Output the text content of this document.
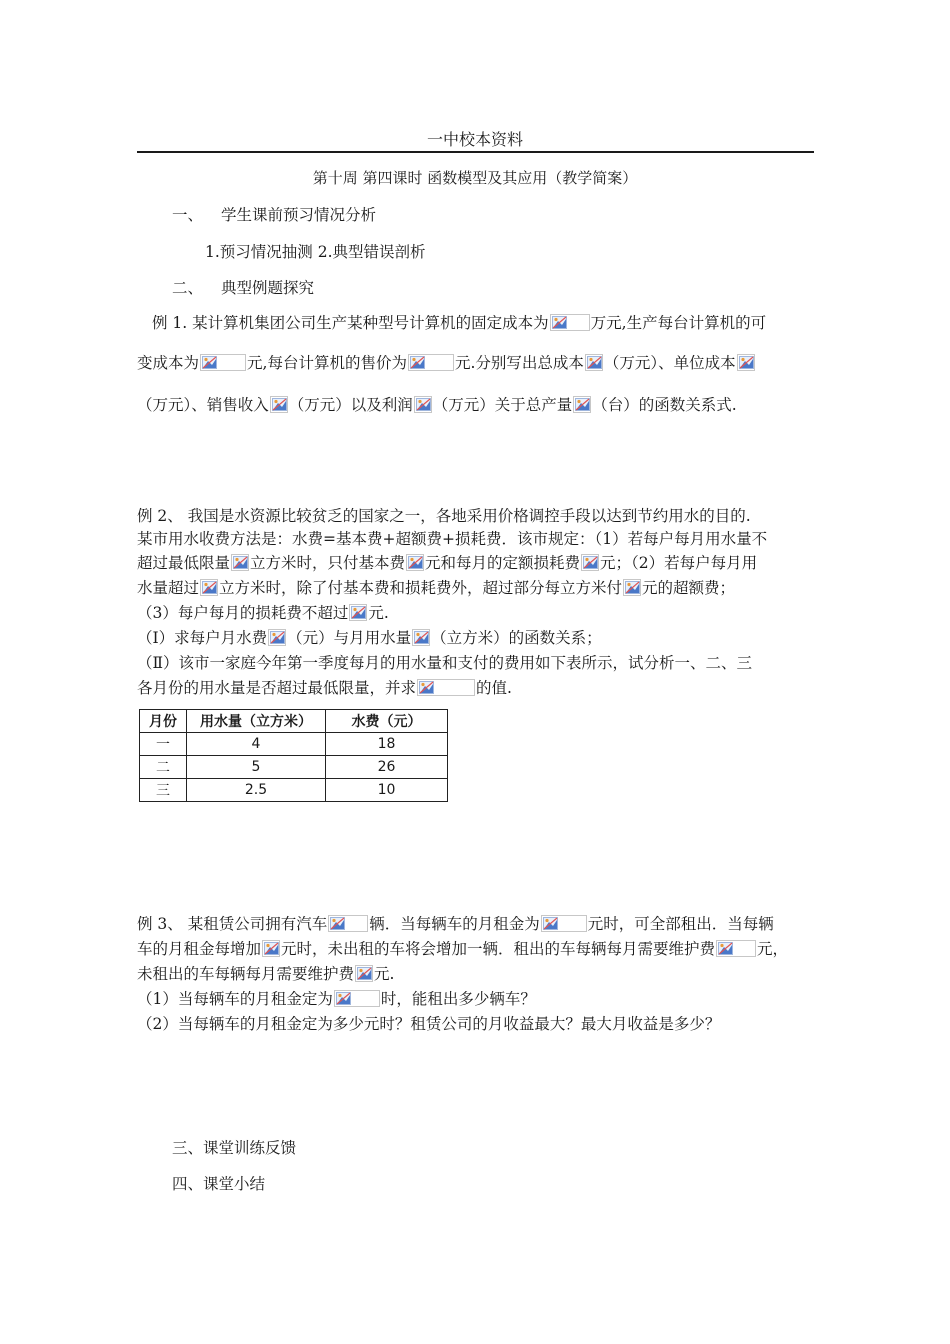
一中校本资料
第十周 第四课时 函数模型及其应用（教学简案）
一、 学生课前预习情况分析
1.预习情况抽测 2.典型错误剖析
二、 典型例题探究
例 1. 某计算机集团公司生产某种型号计算机的固定成本为	万元,生产每台计算机的可
变成本为	元,每台计算机的售价为	元.分别写出总成本 （万元）、单位成本
（万元）、销售收入 （万元）以及利润 （万元）关于总产量 （台）的函数关系式.
例 2、 我国是水资源比较贫乏的国家之一，各地采用价格调控手段以达到节约用水的目的.
某市用水收费方法是：水费=基本费+超额费+损耗费．该市规定：（1）若每户每月用水量不
超过最低限量 立方米时，只付基本费 元和每月的定额损耗费 元；（2）若每户每月用
水量超过 立方米时，除了付基本费和损耗费外，超过部分每立方米付 元的超额费；
（3）每户每月的损耗费不超过 元.
（Ⅰ）求每户月水费 （元）与月用水量 （立方米）的函数关系；
（Ⅱ）该市一家庭今年第一季度每月的用水量和支付的费用如下表所示，试分析一、二、三
各月份的用水量是否超过最低限量，并求	的值.
月份	用水量（立方米）	水费（元）
一	4	18
二	5	26
三	2.5	10
例 3、 某租赁公司拥有汽车	辆．当每辆车的月租金为	元时，可全部租出．当每辆
车的月租金每增加 元时，未出租的车将会增加一辆．租出的车每辆每月需要维护费	元，
未租出的车每辆每月需要维护费 元.
（1）当每辆车的月租金定为	时，能租出多少辆车？
（2）当每辆车的月租金定为多少元时？租赁公司的月收益最大？最大月收益是多少？
三、课堂训练反馈
四、课堂小结
